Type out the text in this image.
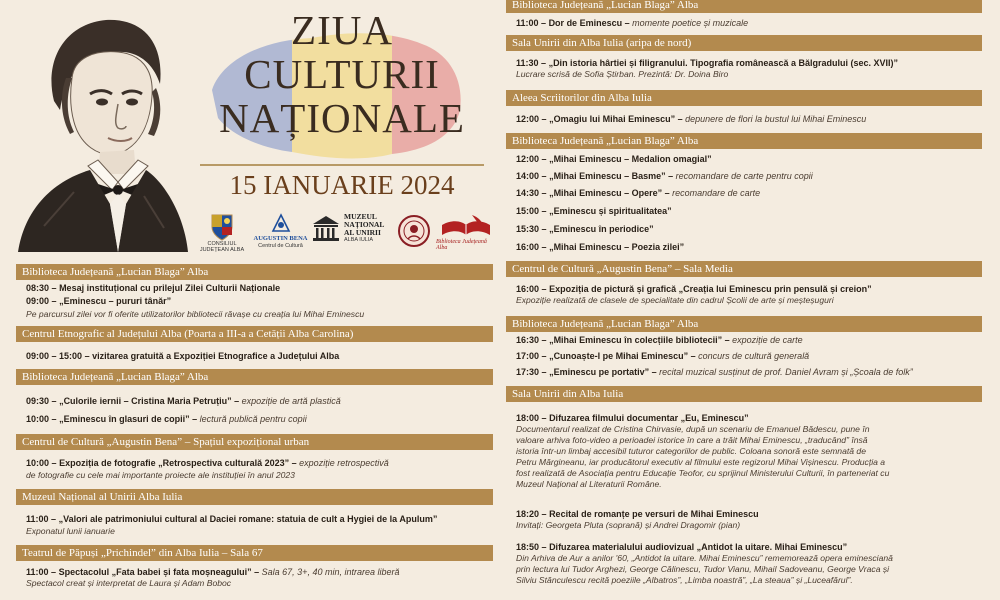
ZIUA
CULTURII
NAȚIONALE
15 IANUARIE 2024
CONSILIUL JUDEȚEAN ALBA
AUGUSTIN BENA
Centrul de Cultură
MUZEUL NAȚIONAL AL UNIRII
ALBA IULIA	Biblioteca Județeană Alba
Biblioteca Județeană „Lucian Blaga” Alba
08:30 – Mesaj instituțional cu prilejul Zilei Culturii Naționale
09:00 – „Eminescu – pururi tânăr”
Pe parcursul zilei vor fi oferite utilizatorilor bibliotecii răvașe cu creația lui Mihai Eminescu
Centrul Etnografic al Județului Alba (Poarta a III-a a Cetății Alba Carolina)
09:00 – 15:00 – vizitarea gratuită a Expoziției Etnografice a Județului Alba
Biblioteca Județeană „Lucian Blaga” Alba
09:30 – „Culorile iernii – Cristina Maria Petruțiu” – expoziție de artă plastică
10:00 – „Eminescu în glasuri de copii” – lectură publică pentru copii
Centrul de Cultură „Augustin Bena” – Spațiul expozițional urban
10:00 – Expoziția de fotografie „Retrospectiva culturală 2023” – expoziție retrospectivă
de fotografie cu cele mai importante proiecte ale instituției în anul 2023
Muzeul Național al Unirii Alba Iulia
11:00 – „Valori ale patrimoniului cultural al Daciei romane: statuia de cult a Hygiei de la Apulum”
Exponatul lunii ianuarie
Teatrul de Păpuși „Prichindel” din Alba Iulia – Sala 67
11:00 – Spectacolul „Fata babei și fata moșneagului” – Sala 67, 3+, 40 min, intrarea liberă
Spectacol creat și interpretat de Laura și Adam Boboc
Biblioteca Județeană „Lucian Blaga” Alba
11:00 – Dor de Eminescu – momente poetice și muzicale
Sala Unirii din Alba Iulia (aripa de nord)
11:30 – „Din istoria hârtiei și filigranului. Tipografia românească a Bălgradului (sec. XVII)”
Lucrare scrisă de Sofia Știrban. Prezintă: Dr. Doina Biro
Aleea Scriitorilor din Alba Iulia
12:00 – „Omagiu lui Mihai Eminescu” – depunere de flori la bustul lui Mihai Eminescu
Biblioteca Județeană „Lucian Blaga” Alba
12:00 – „Mihai Eminescu – Medalion omagial”
14:00 – „Mihai Eminescu – Basme” – recomandare de carte pentru copii
14:30 – „Mihai Eminescu – Opere” – recomandare de carte
15:00 – „Eminescu și spiritualitatea”
15:30 – „Eminescu în periodice”
16:00 – „Mihai Eminescu – Poezia zilei”
Centrul de Cultură „Augustin Bena” – Sala Media
16:00 – Expoziția de pictură și grafică „Creația lui Eminescu prin pensulă și creion”
Expoziție realizată de clasele de specialitate din cadrul Școlii de arte și meșteșuguri
Biblioteca Județeană „Lucian Blaga” Alba
16:30 – „Mihai Eminescu în colecțiile bibliotecii” – expoziție de carte
17:00 – „Cunoaște-l pe Mihai Eminescu” – concurs de cultură generală
17:30 – „Eminescu pe portativ” – recital muzical susținut de prof. Daniel Avram și „Școala de folk”
Sala Unirii din Alba Iulia
18:00 – Difuzarea filmului documentar „Eu, Eminescu”
Documentarul realizat de Cristina Chirvasie, după un scenariu de Emanuel Bădescu, pune în
valoare arhiva foto-video a perioadei istorice în care a trăit Mihai Eminescu, „traducând” însă
istoria într-un limbaj accesibil tuturor categoriilor de public. Coloana sonoră este semnată de
Petru Mărgineanu, iar producătorul executiv al filmului este regizorul Mihai Vișinescu. Producția a
fost realizată de Asociația pentru Educație Teofor, cu sprijinul Ministerului Culturii, în parteneriat cu
Muzeul Național al Literaturii Române.
18:20 – Recital de romanțe pe versuri de Mihai Eminescu
Invitați: Georgeta Pluta (soprană) și Andrei Dragomir (pian)
18:50 – Difuzarea materialului audiovizual „Antidot la uitare. Mihai Eminescu”
Din Arhiva de Aur a anilor '60, „Antidot la uitare. Mihai Eminescu” rememorează opera eminesciană
prin lectura lui Tudor Arghezi, George Călinescu, Tudor Vianu, Mihail Sadoveanu, George Vraca și
Silviu Stănculescu recită poeziile „Albatros”, „Limba noastră”, „La steaua” și „Luceafărul”.
